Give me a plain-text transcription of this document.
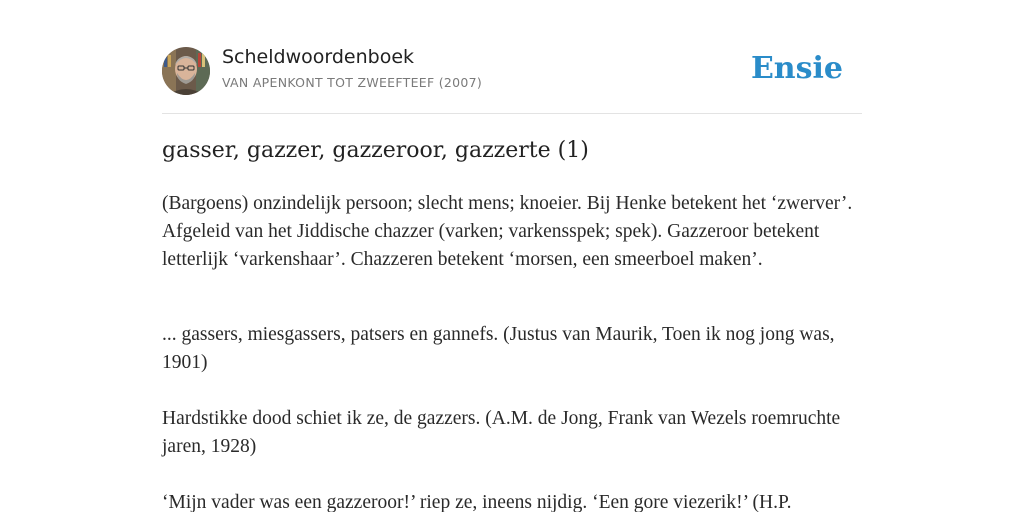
Scheldwoordenboek
VAN APENKONT TOT ZWEEFTEEF (2007)	Ensie
gasser, gazzer, gazzeroor, gazzerte (1)

(Bargoens) onzindelijk persoon; slecht mens; knoeier. Bij Henke betekent het ‘zwerver’. Afgeleid van het Jiddische chazzer (varken; varkensspek; spek). Gazzeroor betekent letterlijk ‘varkenshaar’. Chazzeren betekent ‘morsen, een smeerboel maken’.

... gassers, miesgassers, patsers en gannefs. (Justus van Maurik, Toen ik nog jong was, 1901)

Hardstikke dood schiet ik ze, de gazzers. (A.M. de Jong, Frank van Wezels roemruchte jaren, 1928)

‘Mijn vader was een gazzeroor!’ riep ze, ineens nijdig. ‘Een gore viezerik!’ (H.P.
